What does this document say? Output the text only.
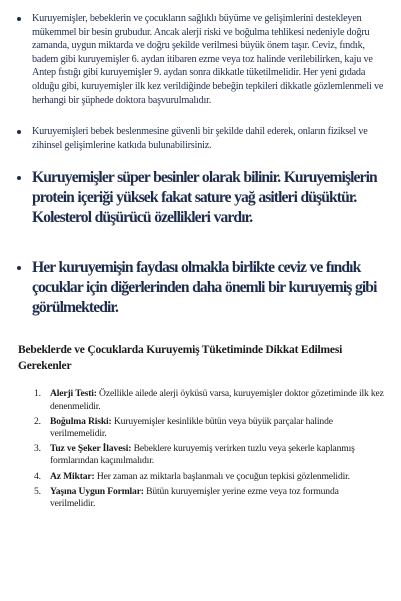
Kuruyemişler, bebeklerin ve çocukların sağlıklı büyüme ve gelişimlerini destekleyen mükemmel bir besin grubudur. Ancak alerji riski ve boğulma tehlikesi nedeniyle doğru zamanda, uygun miktarda ve doğru şekilde verilmesi büyük önem taşır. Ceviz, fındık, badem gibi kuruyemişler 6. aydan itibaren ezme veya toz halinde verilebilirken, kaju ve Antep fıstığı gibi kuruyemişler 9. aydan sonra dikkatle tüketilmelidir. Her yeni gıdada olduğu gibi, kuruyemişler ilk kez verildiğinde bebeğin tepkileri dikkatle gözlemlenmeli ve herhangi bir şüphede doktora başvurulmalıdır.
Kuruyemişleri bebek beslenmesine güvenli bir şekilde dahil ederek, onların fiziksel ve zihinsel gelişimlerine katkıda bulunabilirsiniz.
Kuruyemişler süper besinler olarak bilinir. Kuruyemişlerin protein içeriği yüksek fakat sature yağ asitleri düşüktür. Kolesterol düşürücü özellikleri vardır.
Her kuruyemişin faydası olmakla birlikte ceviz ve fındık çocuklar için diğerlerinden daha önemli bir kuruyemiş gibi görülmektedir.
Bebeklerde ve Çocuklarda Kuruyemiş Tüketiminde Dikkat Edilmesi Gerekenler
1. Alerji Testi: Özellikle ailede alerji öyküsü varsa, kuruyemişler doktor gözetiminde ilk kez denenmelidir.
2. Boğulma Riski: Kuruyemişler kesinlikle bütün veya büyük parçalar halinde verilmemelidir.
3. Tuz ve Şeker İlavesi: Bebeklere kuruyemiş verirken tuzlu veya şekerle kaplanmış formlarından kaçınılmalıdır.
4. Az Miktar: Her zaman az miktarla başlanmalı ve çocuğun tepkisi gözlenmelidir.
5. Yaşına Uygun Formlar: Bütün kuruyemişler yerine ezme veya toz formunda verilmelidir.
